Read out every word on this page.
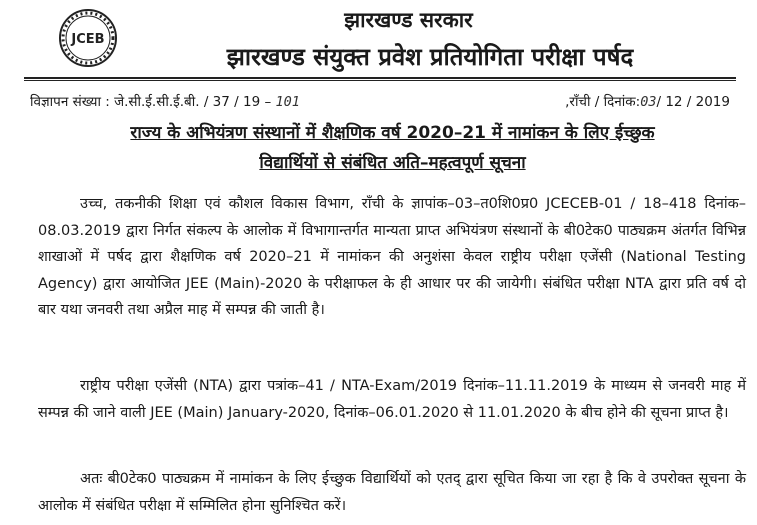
JCEB
झारखण्ड सरकार
झारखण्ड संयुक्त प्रवेश प्रतियोगिता परीक्षा पर्षद
विज्ञापन संख्या : जे.सी.ई.सी.ई.बी. / 37 / 19 – 101	,राँची / दिनांक:03/ 12 / 2019
राज्य के अभियंत्रण संस्थानों में शैक्षणिक वर्ष 2020–21 में नामांकन के लिए ईच्छुक
विद्यार्थियों से संबंधित अति–महत्वपूर्ण सूचना
उच्च, तकनीकी शिक्षा एवं कौशल विकास विभाग, राँची के ज्ञापांक–03–त0शि0प्र0 JCECEB-01 / 18–418 दिनांक–08.03.2019 द्वारा निर्गत संकल्प के आलोक में विभागान्तर्गत मान्यता प्राप्त अभियंत्रण संस्थानों के बी0टेक0 पाठ्यक्रम अंतर्गत विभिन्न शाखाओं में पर्षद द्वारा शैक्षणिक वर्ष 2020–21 में नामांकन की अनुशंसा केवल राष्ट्रीय परीक्षा एजेंसी (National Testing Agency) द्वारा आयोजित JEE (Main)-2020 के परीक्षाफल के ही आधार पर की जायेगी। संबंधित परीक्षा NTA द्वारा प्रति वर्ष दो बार यथा जनवरी तथा अप्रैल माह में सम्पन्न की जाती है।
राष्ट्रीय परीक्षा एजेंसी (NTA) द्वारा पत्रांक–41 / NTA-Exam/2019 दिनांक–11.11.2019 के माध्यम से जनवरी माह में सम्पन्न की जाने वाली JEE (Main) January-2020, दिनांक–06.01.2020 से 11.01.2020 के बीच होने की सूचना प्राप्त है।
अतः बी0टेक0 पाठ्यक्रम में नामांकन के लिए ईच्छुक विद्यार्थियों को एतद् द्वारा सूचित किया जा रहा है कि वे उपरोक्त सूचना के आलोक में संबंधित परीक्षा में सम्मिलित होना सुनिश्चित करें।
